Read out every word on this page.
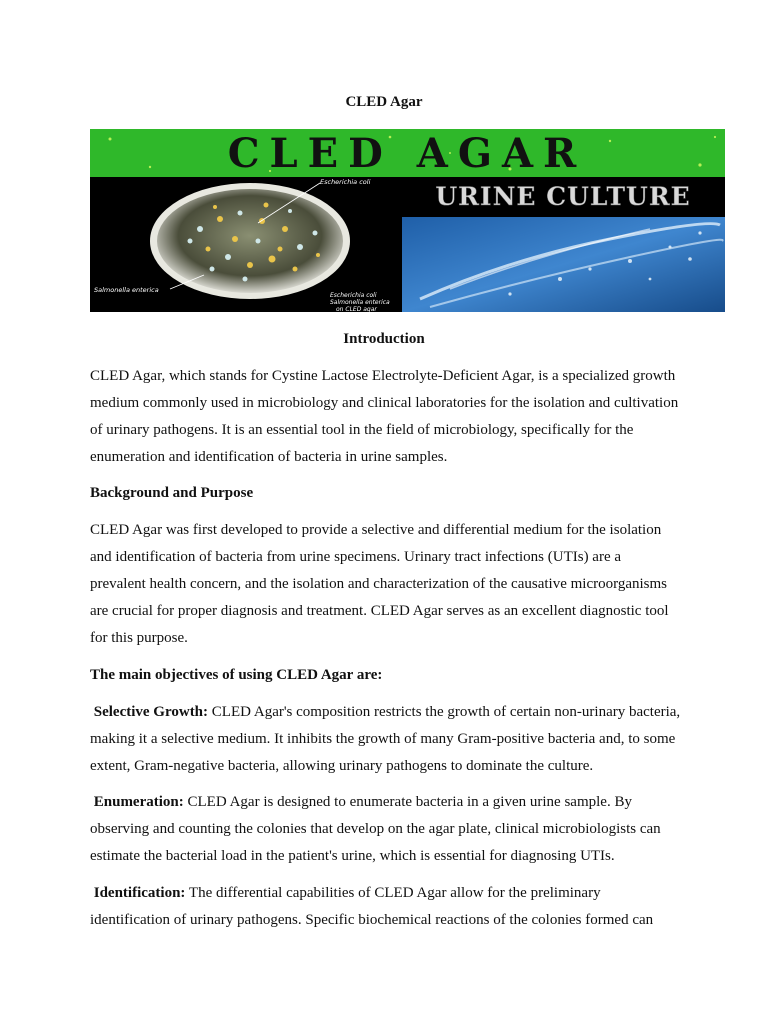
CLED Agar
CLED AGAR
Escherichia coli
Salmonella enterica
Escherichia coli
Salmonella enterica
on CLED agar
URINE CULTURE
Introduction
CLED Agar, which stands for Cystine Lactose Electrolyte-Deficient Agar, is a specialized growth medium commonly used in microbiology and clinical laboratories for the isolation and cultivation of urinary pathogens. It is an essential tool in the field of microbiology, specifically for the enumeration and identification of bacteria in urine samples.
Background and Purpose
CLED Agar was first developed to provide a selective and differential medium for the isolation and identification of bacteria from urine specimens. Urinary tract infections (UTIs) are a prevalent health concern, and the isolation and characterization of the causative microorganisms are crucial for proper diagnosis and treatment. CLED Agar serves as an excellent diagnostic tool for this purpose.
The main objectives of using CLED Agar are:
Selective Growth: CLED Agar's composition restricts the growth of certain non-urinary bacteria, making it a selective medium. It inhibits the growth of many Gram-positive bacteria and, to some extent, Gram-negative bacteria, allowing urinary pathogens to dominate the culture.
Enumeration: CLED Agar is designed to enumerate bacteria in a given urine sample. By observing and counting the colonies that develop on the agar plate, clinical microbiologists can estimate the bacterial load in the patient's urine, which is essential for diagnosing UTIs.
Identification: The differential capabilities of CLED Agar allow for the preliminary identification of urinary pathogens. Specific biochemical reactions of the colonies formed can
